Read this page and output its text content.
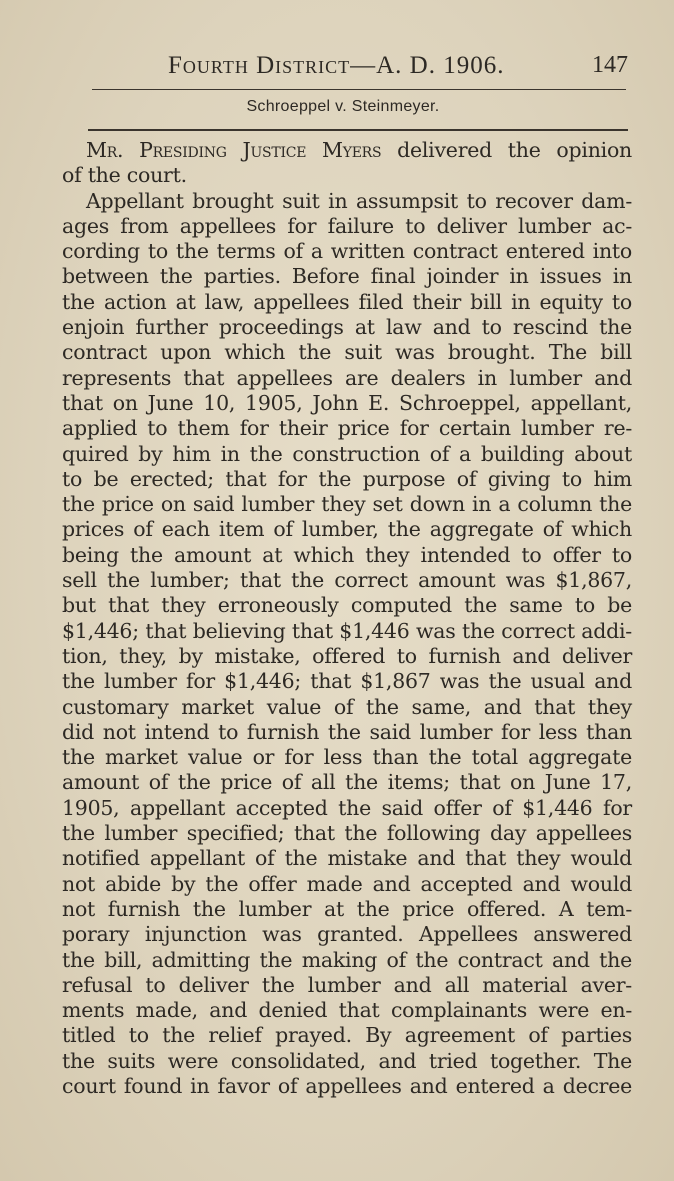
Fourth District—A. D. 1906.	147
Schroeppel v. Steinmeyer.
Mr. Presiding Justice Myers delivered the opinion
of the court.
Appellant brought suit in assumpsit to recover dam-
ages from appellees for failure to deliver lumber ac-
cording to the terms of a written contract entered into
between the parties. Before final joinder in issues in
the action at law, appellees filed their bill in equity to
enjoin further proceedings at law and to rescind the
contract upon which the suit was brought. The bill
represents that appellees are dealers in lumber and
that on June 10, 1905, John E. Schroeppel, appellant,
applied to them for their price for certain lumber re-
quired by him in the construction of a building about
to be erected; that for the purpose of giving to him
the price on said lumber they set down in a column the
prices of each item of lumber, the aggregate of which
being the amount at which they intended to offer to
sell the lumber; that the correct amount was $1,867,
but that they erroneously computed the same to be
$1,446; that believing that $1,446 was the correct addi-
tion, they, by mistake, offered to furnish and deliver
the lumber for $1,446; that $1,867 was the usual and
customary market value of the same, and that they
did not intend to furnish the said lumber for less than
the market value or for less than the total aggregate
amount of the price of all the items; that on June 17,
1905, appellant accepted the said offer of $1,446 for
the lumber specified; that the following day appellees
notified appellant of the mistake and that they would
not abide by the offer made and accepted and would
not furnish the lumber at the price offered. A tem-
porary injunction was granted. Appellees answered
the bill, admitting the making of the contract and the
refusal to deliver the lumber and all material aver-
ments made, and denied that complainants were en-
titled to the relief prayed. By agreement of parties
the suits were consolidated, and tried together. The
court found in favor of appellees and entered a decree
